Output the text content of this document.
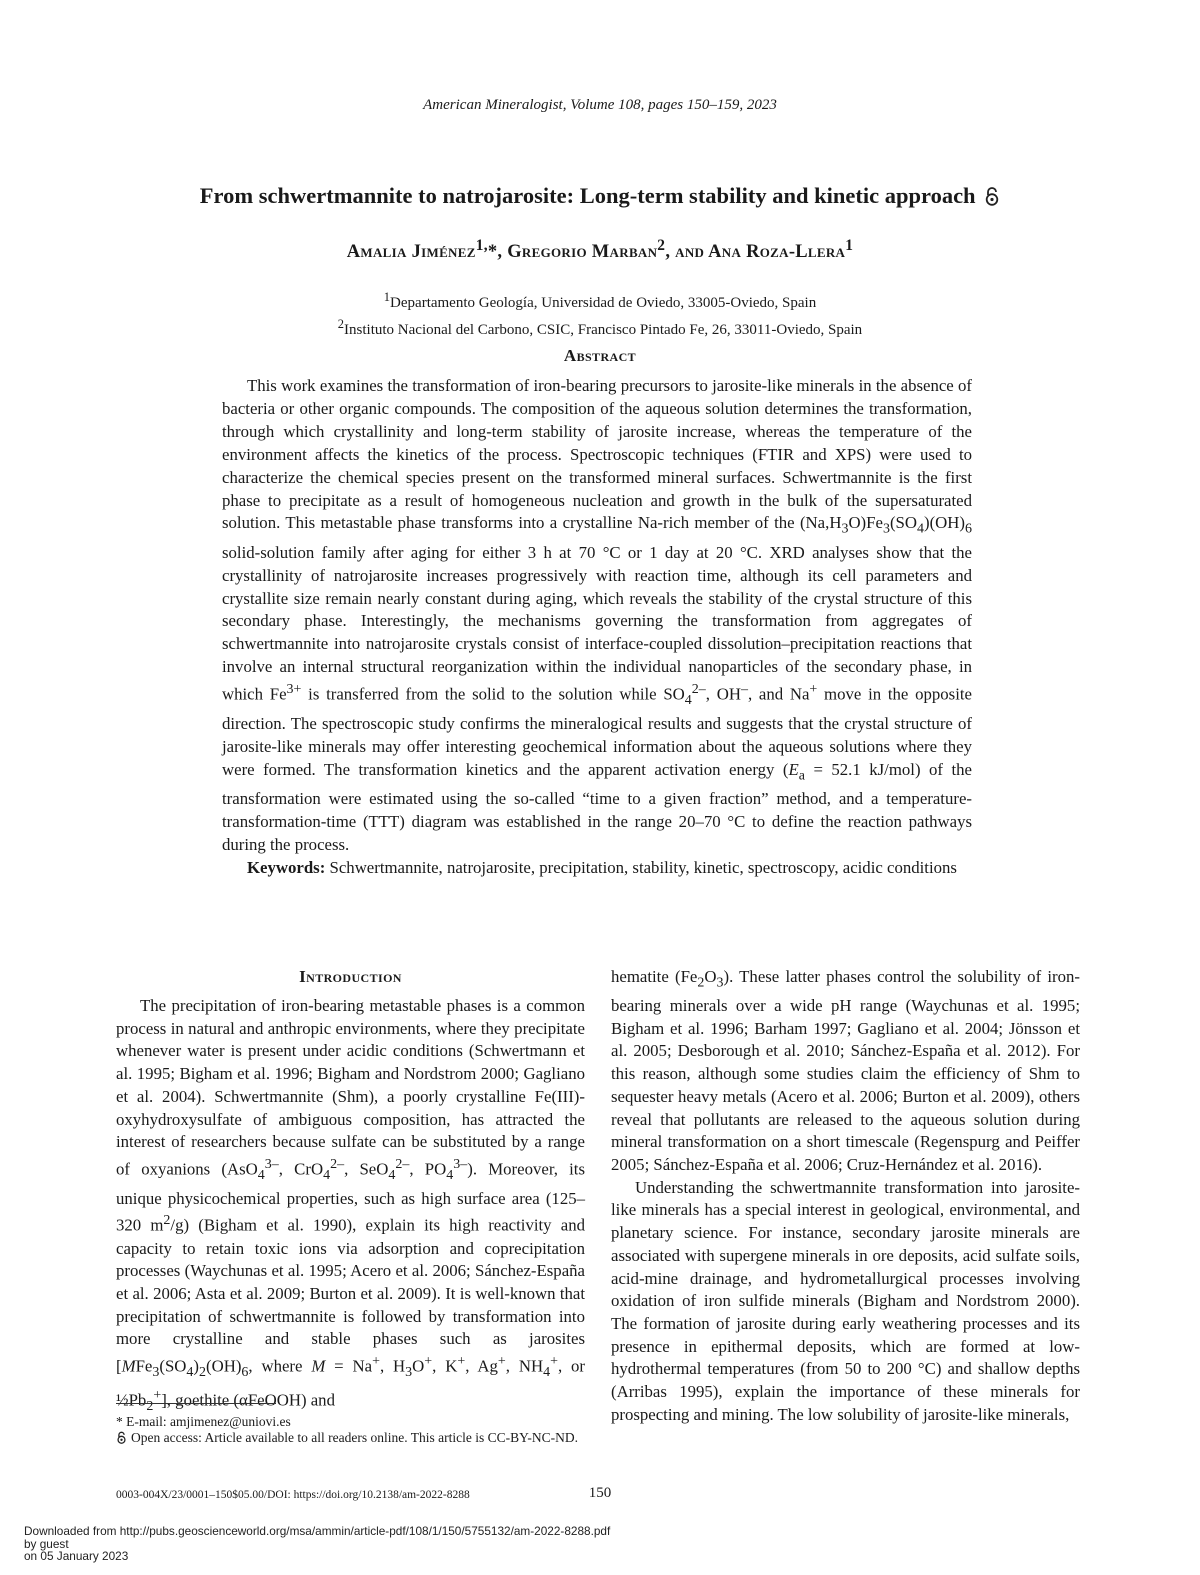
American Mineralogist, Volume 108, pages 150–159, 2023
From schwertmannite to natrojarosite: Long-term stability and kinetic approach
Amalia Jiménez$^{1,}$*, Gregorio Marban$^2$, and Ana Roza-Llera$^1$
$^1$Departamento Geología, Universidad de Oviedo, 33005-Oviedo, Spain
$^2$Instituto Nacional del Carbono, CSIC, Francisco Pintado Fe, 26, 33011-Oviedo, Spain
Abstract

This work examines the transformation of iron-bearing precursors to jarosite-like minerals in the absence of bacteria or other organic compounds. The composition of the aqueous solution determines the transformation, through which crystallinity and long-term stability of jarosite increase, whereas the temperature of the environment affects the kinetics of the process. Spectroscopic techniques (FTIR and XPS) were used to characterize the chemical species present on the transformed mineral surfaces. Schwertmannite is the first phase to precipitate as a result of homogeneous nucleation and growth in the bulk of the supersaturated solution. This metastable phase transforms into a crystalline Na-rich member of the $(Na,H_3O)Fe_3(SO_4)(OH)_6$ solid-solution family after aging for either 3 h at 70 °C or 1 day at 20 °C. XRD analyses show that the crystallinity of natrojarosite increases progressively with reaction time, although its cell parameters and crystallite size remain nearly constant during aging, which reveals the stability of the crystal structure of this secondary phase. Interestingly, the mechanisms governing the transformation from aggregates of schwertmannite into natrojarosite crystals consist of interface-coupled dissolution–precipitation reactions that involve an internal structural reorganization within the individual nanoparticles of the secondary phase, in which $Fe^{3+}$ is transferred from the solid to the solution while $SO_4^{2-}$, OH–, and Na+ move in the opposite direction. The spectroscopic study confirms the mineralogical results and suggests that the crystal structure of jarosite-like minerals may offer interesting geochemical information about the aqueous solutions where they were formed. The transformation kinetics and the apparent activation energy ($E_a = 52.1$ kJ/mol) of the transformation were estimated using the so-called “time to a given fraction” method, and a temperature-transformation-time (TTT) diagram was established in the range 20–70 °C to define the reaction pathways during the process.

Keywords: Schwertmannite, natrojarosite, precipitation, stability, kinetic, spectroscopy, acidic conditions

Introduction

The precipitation of iron-bearing metastable phases is a common process in natural and anthropic environments, where they precipitate whenever water is present under acidic conditions (Schwertmann et al. 1995; Bigham et al. 1996; Bigham and Nordstrom 2000; Gagliano et al. 2004). Schwertmannite (Shm), a poorly crystalline Fe(III)-oxyhydroxysulfate of ambiguous composition, has attracted the interest of researchers because sulfate can be substituted by a range of oxyanions (AsO$_4^{3-}$, CrO$_4^{2-}$, SeO$_4^{2-}$, $PO_4^{3-}$). Moreover, its unique physicochemical properties, such as high surface area (125–320 $m^2/g$) (Bigham et al. 1990), explain its high reactivity and capacity to retain toxic ions via adsorption and coprecipitation processes (Waychunas et al. 1995; Acero et al. 2006; Sánchez-España et al. 2006; Asta et al. 2009; Burton et al. 2009). It is well-known that precipitation of schwertmannite is followed by transformation into more crystalline and stable phases such as jarosites [$MFe_3(SO_4)_2(OH)_6$, where M = Na+, $H_3O^+$, K+, Ag+, $NH_4^+$, or $\frac{1}{2}Pb_2^+$], goethite (αFeOOH) and

hematite $(Fe_2O_3)$. These latter phases control the solubility of iron-bearing minerals over a wide pH range (Waychunas et al. 1995; Bigham et al. 1996; Barham 1997; Gagliano et al. 2004; Jönsson et al. 2005; Desborough et al. 2010; Sánchez-España et al. 2012). For this reason, although some studies claim the efficiency of Shm to sequester heavy metals (Acero et al. 2006; Burton et al. 2009), others reveal that pollutants are released to the aqueous solution during mineral transformation on a short timescale (Regenspurg and Peiffer 2005; Sánchez-España et al. 2006; Cruz-Hernández et al. 2016).

Understanding the schwertmannite transformation into jarosite-like minerals has a special interest in geological, environmental, and planetary science. For instance, secondary jarosite minerals are associated with supergene minerals in ore deposits, acid sulfate soils, acid-mine drainage, and hydrometallurgical processes involving oxidation of iron sulfide minerals (Bigham and Nordstrom 2000). The formation of jarosite during early weathering processes and its presence in epithermal deposits, which are formed at low-hydrothermal temperatures (from 50 to 200 °C) and shallow depths (Arribas 1995), explain the importance of these minerals for prospecting and mining. The low solubility of jarosite-like minerals,

* E-mail: amjimenez@uniovi.es

Open access: Article available to all readers online. This article is CC-BY-NC-ND.

0003-004X/23/0001–150$05.00/DOI: https://doi.org/10.2138/am-2022-8288	150
Downloaded from http://pubs.geoscienceworld.org/msa/ammin/article-pdf/108/1/150/5755132/am-2022-8288.pdf
by guest
on 05 January 2023
